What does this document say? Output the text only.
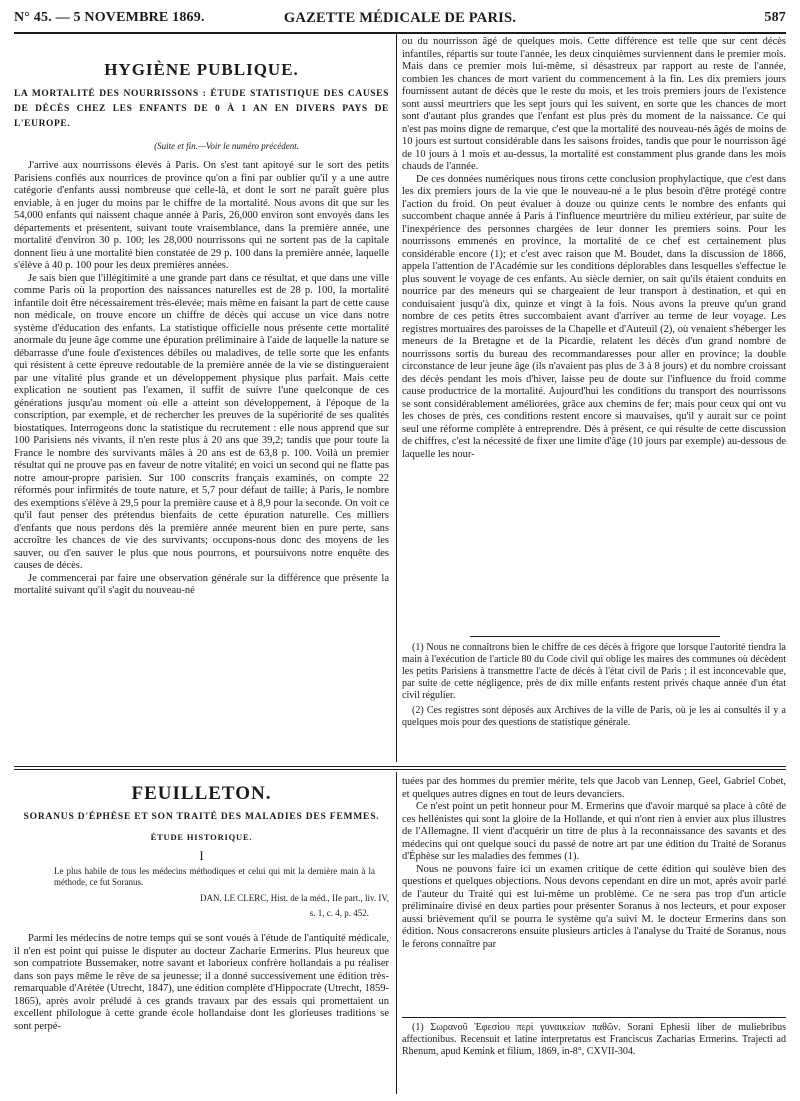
N° 45. — 5 NOVEMBRE 1869.	GAZETTE MÉDICALE DE PARIS.	587
HYGIÈNE PUBLIQUE.
LA MORTALITÉ DES NOURRISSONS : ÉTUDE STATISTIQUE DES CAUSES DE DÉCÈS CHEZ LES ENFANTS DE 0 À 1 AN EN DIVERS PAYS DE L'EUROPE.
(Suite et fin.—Voir le numéro précédent.

J'arrive aux nourrissons élevés à Paris. On s'est tant apitoyé sur le sort des petits Parisiens confiés aux nourrices de province qu'on a fini par oublier qu'il y a une autre catégorie d'enfants aussi nombreuse que celle-là, et dont le sort ne paraît guère plus enviable, à en juger du moins par le chiffre de la mortalité. Nous avons dit que sur les 54,000 enfants qui naissent chaque année à Paris, 26,000 environ sont envoyés dans les départements et présentent, suivant toute vraisemblance, dans la première année, une mortalité d'environ 30 p. 100; les 28,000 nourrissons qui ne sortent pas de la capitale donnent lieu à une mortalité bien constatée de 29 p. 100 dans la première année, laquelle s'élève à 40 p. 100 pour les deux premières années.

Je sais bien que l'illégitimité a une grande part dans ce résultat, et que dans une ville comme Paris où la proportion des naissances naturelles est de 28 p. 100, la mortalité infantile doit être nécessairement très-élevée; mais même en faisant la part de cette cause non médicale, on trouve encore un chiffre de décès qui accuse un vice dans notre système d'éducation des enfants. La statistique officielle nous présente cette mortalité anormale du jeune âge comme une épuration préliminaire à l'aide de laquelle la nature se débarrasse d'une foule d'existences débiles ou maladives, de telle sorte que les enfants qui résistent à cette épreuve redoutable de la première année de la vie se distingueraient par une vitalité plus grande et un développement physique plus parfait. Mais cette explication ne soutient pas l'examen, il suffit de suivre l'une quelconque de ces générations jusqu'au moment où elle a atteint son développement, à l'époque de la conscription, par exemple, et de rechercher les preuves de la supériorité de ses qualités biostatiques. Interrogeons donc la statistique du recrutement : elle nous apprend que sur 100 Parisiens nés vivants, il n'en reste plus à 20 ans que 39,2; tandis que pour toute la France le nombre des survivants mâles à 20 ans est de 63,8 p. 100. Voilà un premier résultat qui ne prouve pas en faveur de notre vitalité; en voici un second qui ne flatte pas notre amour-propre parisien. Sur 100 conscrits français examinés, on compte 22 réformés pour infirmités de toute nature, et 5,7 pour défaut de taille; à Paris, le nombre des exemptions s'élève à 29,5 pour la première cause et à 8,9 pour la seconde. On voit ce qu'il faut penser des prétendus bienfaits de cette épuration naturelle. Ces milliers d'enfants que nous perdons dès la première année meurent bien en pure perte, sans accroître les chances de vie des survivants; occupons-nous donc des moyens de les sauver, ou d'en sauver le plus que nous pourrons, et poursuivons notre enquête des causes de décès.

Je commencerai par faire une observation générale sur la différence que présente la mortalité suivant qu'il s'agit du nouveau-né

ou du nourrisson âgé de quelques mois. Cette différence est telle que sur cent décès infantiles, répartis sur toute l'année, les deux cinquièmes surviennent dans le premier mois. Mais dans ce premier mois lui-même, si désastreux par rapport au reste de l'année, combien les chances de mort varient du commencement à la fin. Les dix premiers jours fournissent autant de décès que le reste du mois, et les trois premiers jours de l'existence sont aussi meurtriers que les sept jours qui les suivent, en sorte que les chances de mort sont d'autant plus grandes que l'enfant est plus près du moment de la naissance. Ce qui n'est pas moins digne de remarque, c'est que la mortalité des nouveau-nés âgés de moins de 10 jours est surtout considérable dans les saisons froides, tandis que pour le nourrisson âgé de 10 jours à 1 mois et au-dessus, la mortalité est constamment plus grande dans les mois chauds de l'année.

De ces données numériques nous tirons cette conclusion prophylactique, que c'est dans les dix premiers jours de la vie que le nouveau-né a le plus besoin d'être protégé contre l'action du froid. On peut évaluer à douze ou quinze cents le nombre des enfants qui succombent chaque année à Paris à l'influence meurtrière du milieu extérieur, par suite de l'inexpérience des personnes chargées de leur donner les premiers soins. Pour les nourrissons emmenés en province, la mortalité de ce chef est certainement plus considérable encore (1); et c'est avec raison que M. Boudet, dans la discussion de 1866, appela l'attention de l'Académie sur les conditions déplorables dans lesquelles s'effectue le plus souvent le voyage de ces enfants. Au siècle dernier, on sait qu'ils étaient conduits en nourrice par des meneurs qui se chargeaient de leur transport à destination, et qui en conduisaient jusqu'à dix, quinze et vingt à la fois. Nous avons la preuve qu'un grand nombre de ces petits êtres succombaient avant d'arriver au terme de leur voyage. Les registres mortuaires des paroisses de la Chapelle et d'Auteuil (2), où venaient s'héberger les meneurs de la Bretagne et de la Picardie, relatent les décès d'un grand nombre de nourrissons sortis du bureau des recommandaresses pour aller en province; la double circonstance de leur jeune âge (ils n'avaient pas plus de 3 à 8 jours) et du nombre croissant des décès pendant les mois d'hiver, laisse peu de doute sur l'influence du froid comme cause productrice de la mortalité. Aujourd'hui les conditions du transport des nourrissons se sont considérablement améliorées, grâce aux chemins de fer; mais pour ceux qui ont vu les choses de près, ces conditions restent encore si mauvaises, qu'il y aurait sur ce point seul une réforme complète à entreprendre. Dès à présent, ce qui résulte de cette discussion de chiffres, c'est la nécessité de fixer une limite d'âge (10 jours par exemple) au-dessous de laquelle les nour-

(1) Nous ne connaîtrons bien le chiffre de ces décès à frigore que lorsque l'autorité tiendra la main à l'exécution de l'article 80 du Code civil qui oblige les maires des communes où décèdent les petits Parisiens à transmettre l'acte de décès à l'état civil de Paris ; il est inconcevable que, par suite de cette négligence, près de dix mille enfants restent privés chaque année d'un état civil régulier.

(2) Ces registres sont déposés aux Archives de la ville de Paris, où je les ai consultés il y a quelques mois pour des questions de statistique générale.

FEUILLETON.
SORANUS D'ÉPHÈSE ET SON TRAITÉ DES MALADIES DES FEMMES.
ÉTUDE HISTORIQUE.
I
Le plus habile de tous les médecins méthodiques et celui qui mit la dernière main à la méthode, ce fut Soranus.
DAN. LE CLERC, Hist. de la méd., IIe part., liv. IV,
s. 1, c. 4, p. 452.

Parmi les médecins de notre temps qui se sont voués à l'étude de l'antiquité médicale, il n'en est point qui puisse le disputer au docteur Zacharie Ermerins. Plus heureux que son compatriote Bussemaker, notre savant et laborieux confrère hollandais a pu réaliser dans son pays même le rêve de sa jeunesse; il a donné successivement une édition très-remarquable d'Arétée (Utrecht, 1847), une édition complète d'Hippocrate (Utrecht, 1859-1865), après avoir préludé à ces grands travaux par des essais qui promettaient un excellent philologue à cette grande école hollandaise dont les glorieuses traditions se sont perpé-

tuées par des hommes du premier mérite, tels que Jacob van Lennep, Geel, Gabriel Cobet, et quelques autres dignes en tout de leurs devanciers.

Ce n'est point un petit honneur pour M. Ermerins que d'avoir marqué sa place à côté de ces hellénistes qui sont la gloire de la Hollande, et qui n'ont rien à envier aux plus illustres de l'Allemagne. Il vient d'acquérir un titre de plus à la reconnaissance des savants et des médecins qui ont quelque souci du passé de notre art par une édition du Traité de Soranus d'Éphèse sur les maladies des femmes (1).

Nous ne pouvons faire ici un examen critique de cette édition qui soulève bien des questions et quelques objections. Nous devons cependant en dire un mot, après avoir parlé de l'auteur du Traité qui est lui-même un problème. Ce ne sera pas trop d'un article préliminaire divisé en deux parties pour présenter Soranus à nos lecteurs, et pour exposer aussi brièvement qu'il se pourra le système qu'a suivi M. le docteur Ermerins dans son édition. Nous consacrerons ensuite plusieurs articles à l'analyse du Traité de Soranus, nous le ferons connaître par

(1) Σωρανοῦ Ἐφεσίου περὶ γυναικείων παθῶν. Sorani Ephesii liber de muliebribus affectionibus. Recensuit et latine interpretatus est Franciscus Zacharias Ermerins. Trajecti ad Rhenum, apud Kemink et filium, 1869, in-8°, CXVII-304.
